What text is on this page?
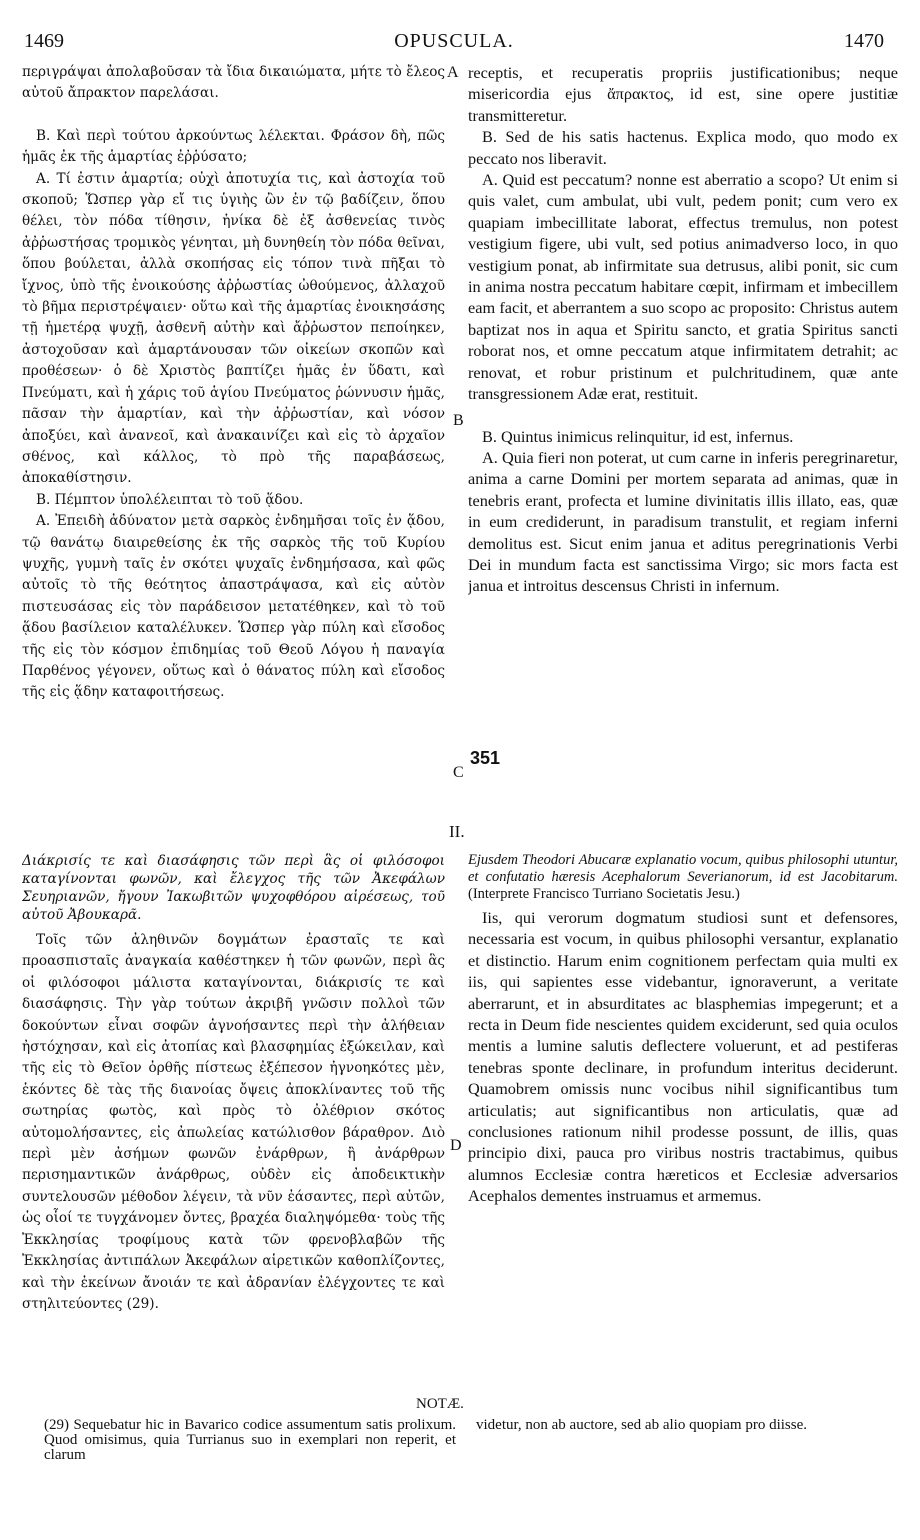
1469	OPUSCULA.	1470

περιγράψαι ἀπολαβοῦσαν τὰ ἴδια δικαιώματα, μήτε τὸ ἔλεος αὐτοῦ ἄπρακτον παρελάσαι.

B. Καὶ περὶ τούτου ἀρκούντως λέλεκται. Φράσον δὴ, πῶς ἡμᾶς ἐκ τῆς ἁμαρτίας ἐῤῥύσατο;

A. Τί ἐστιν ἁμαρτία; οὐχὶ ἀποτυχία τις, καὶ ἀστοχία τοῦ σκοποῦ; Ὥσπερ γὰρ εἴ τις ὑγιὴς ὢν ἐν τῷ βαδίζειν, ὅπου θέλει, τὸν πόδα τίθησιν, ἡνίκα δὲ ἐξ ἀσθενείας τινὸς ἀῤῥωστήσας τρομικὸς γένηται, μὴ δυνηθείη τὸν πόδα θεῖναι, ὅπου βούλεται, ἀλλὰ σκοπήσας εἰς τόπον τινὰ πῆξαι τὸ ἴχνος, ὑπὸ τῆς ἐνοικούσης ἀῤῥωστίας ὠθούμενος, ἀλλαχοῦ τὸ βῆμα περιστρέψαιεν· οὕτω καὶ τῆς ἁμαρτίας ἐνοικησάσης τῇ ἡμετέρᾳ ψυχῇ, ἀσθενῆ αὐτὴν καὶ ἄῤῥωστον πεποίηκεν, ἀστοχοῦσαν καὶ ἁμαρτάνουσαν τῶν οἰκείων σκοπῶν καὶ προθέσεων· ὁ δὲ Χριστὸς βαπτίζει ἡμᾶς ἐν ὕδατι, καὶ Πνεύματι, καὶ ἡ χάρις τοῦ ἁγίου Πνεύματος ῥώννυσιν ἡμᾶς, πᾶσαν τὴν ἁμαρτίαν, καὶ τὴν ἀῤῥωστίαν, καὶ νόσον ἀποξύει, καὶ ἀνανεοῖ, καὶ ἀνακαινίζει καὶ εἰς τὸ ἀρχαῖον σθένος, καὶ κάλλος, τὸ πρὸ τῆς παραβάσεως, ἀποκαθίστησιν.

B. Πέμπτον ὑπολέλειπται τὸ τοῦ ᾅδου.

A. Ἐπειδὴ ἀδύνατον μετὰ σαρκὸς ἐνδημῆσαι τοῖς ἐν ᾅδου, τῷ θανάτῳ διαιρεθείσης ἐκ τῆς σαρκὸς τῆς τοῦ Κυρίου ψυχῆς, γυμνὴ ταῖς ἐν σκότει ψυχαῖς ἐνδημήσασα, καὶ φῶς αὐτοῖς τὸ τῆς θεότητος ἀπαστράψασα, καὶ εἰς αὐτὸν πιστευσάσας εἰς τὸν παράδεισον μετατέθηκεν, καὶ τὸ τοῦ ᾅδου βασίλειον καταλέλυκεν. Ὥσπερ γὰρ πύλη καὶ εἴσοδος τῆς εἰς τὸν κόσμον ἐπιδημίας τοῦ Θεοῦ Λόγου ἡ παναγία Παρθένος γέγονεν, οὕτως καὶ ὁ θάνατος πύλη καὶ εἴσοδος τῆς εἰς ᾅδην καταφοιτήσεως.

receptis, et recuperatis propriis justificationibus; neque misericordia ejus ἄπρακτος, id est, sine opere justitiæ transmitteretur.

B. Sed de his satis hactenus. Explica modo, quo modo ex peccato nos liberavit.

A. Quid est peccatum? nonne est aberratio a scopo? Ut enim si quis valet, cum ambulat, ubi vult, pedem ponit; cum vero ex quapiam imbecillitate laborat, effectus tremulus, non potest vestigium figere, ubi vult, sed potius animadverso loco, in quo vestigium ponat, ab infirmitate sua detrusus, alibi ponit, sic cum in anima nostra peccatum habitare cœpit, infirmam et imbecillem eam facit, et aberrantem a suo scopo ac proposito: Christus autem baptizat nos in aqua et Spiritu sancto, et gratia Spiritus sancti roborat nos, et omne peccatum atque infirmitatem detrahit; ac renovat, et robur pristinum et pulchritudinem, quæ ante transgressionem Adæ erat, restituit.

B. Quintus inimicus relinquitur, id est, infernus.

A. Quia fieri non poterat, ut cum carne in inferis peregrinaretur, anima a carne Domini per mortem separata ad animas, quæ in tenebris erant, profecta et lumine divinitatis illis illato, eas, quæ in eum crediderunt, in paradisum transtulit, et regiam inferni demolitus est. Sicut enim janua et aditus peregrinationis Verbi Dei in mundum facta est sanctissima Virgo; sic mors facta est janua et introitus descensus Christi in infernum.

A
B
351
C
II.
D

Διάκρισίς τε καὶ διασάφησις τῶν περὶ ἃς οἱ φιλόσοφοι καταγίνονται φωνῶν, καὶ ἔλεγχος τῆς τῶν Ἀκεφάλων Σευηριανῶν, ἤγουν Ἰακωβιτῶν ψυχοφθόρου αἱρέσεως, τοῦ αὐτοῦ Ἀβουκαρᾶ.

Τοῖς τῶν ἀληθινῶν δογμάτων ἐρασταῖς τε καὶ προασπισταῖς ἀναγκαία καθέστηκεν ἡ τῶν φωνῶν, περὶ ἃς οἱ φιλόσοφοι μάλιστα καταγίνονται, διάκρισίς τε καὶ διασάφησις. Τὴν γὰρ τούτων ἀκριβῆ γνῶσιν πολλοὶ τῶν δοκούντων εἶναι σοφῶν ἀγνοήσαντες περὶ τὴν ἀλήθειαν ἠστόχησαν, καὶ εἰς ἀτοπίας καὶ βλασφημίας ἐξώκειλαν, καὶ τῆς εἰς τὸ Θεῖον ὀρθῆς πίστεως ἐξέπεσον ἠγνοηκότες μὲν, ἑκόντες δὲ τὰς τῆς διανοίας ὄψεις ἀποκλίναντες τοῦ τῆς σωτηρίας φωτὸς, καὶ πρὸς τὸ ὀλέθριον σκότος αὐτομολήσαντες, εἰς ἀπωλείας κατώλισθον βάραθρον. Διὸ περὶ μὲν ἀσήμων φωνῶν ἐνάρθρων, ἢ ἀνάρθρων περισημαντικῶν ἀνάρθρως, οὐδὲν εἰς ἀποδεικτικὴν συντελουσῶν μέθοδον λέγειν, τὰ νῦν ἐάσαντες, περὶ αὐτῶν, ὡς οἷοί τε τυγχάνομεν ὄντες, βραχέα διαληψόμεθα· τοὺς τῆς Ἐκκλησίας τροφίμους κατὰ τῶν φρενοβλαβῶν τῆς Ἐκκλησίας ἀντιπάλων Ἀκεφάλων αἱρετικῶν καθοπλίζοντες, καὶ τὴν ἐκείνων ἄνοιάν τε καὶ ἀδρανίαν ἐλέγχοντες τε καὶ στηλιτεύοντες (29).

Ejusdem Theodori Abucaræ explanatio vocum, quibus philosophi utuntur, et confutatio hæresis Acephalorum Severianorum, id est Jacobitarum. (Interprete Francisco Turriano Societatis Jesu.)

Iis, qui verorum dogmatum studiosi sunt et defensores, necessaria est vocum, in quibus philosophi versantur, explanatio et distinctio. Harum enim cognitionem perfectam quia multi ex iis, qui sapientes esse videbantur, ignoraverunt, a veritate aberrarunt, et in absurditates ac blasphemias impegerunt; et a recta in Deum fide nescientes quidem exciderunt, sed quia oculos mentis a lumine salutis deflectere voluerunt, et ad pestiferas tenebras sponte declinare, in profundum interitus deciderunt. Quamobrem omissis nunc vocibus nihil significantibus tum articulatis; aut significantibus non articulatis, quæ ad conclusiones rationum nihil prodesse possunt, de illis, quas principio dixi, pauca pro viribus nostris tractabimus, quibus alumnos Ecclesiæ contra hæreticos et Ecclesiæ adversarios Acephalos dementes instruamus et armemus.

NOTÆ.

(29) Sequebatur hic in Bavarico codice assumentum satis prolixum. Quod omisimus, quia Turrianus suo in exemplari non reperit, et clarum

videtur, non ab auctore, sed ab alio quopiam pro diisse.
